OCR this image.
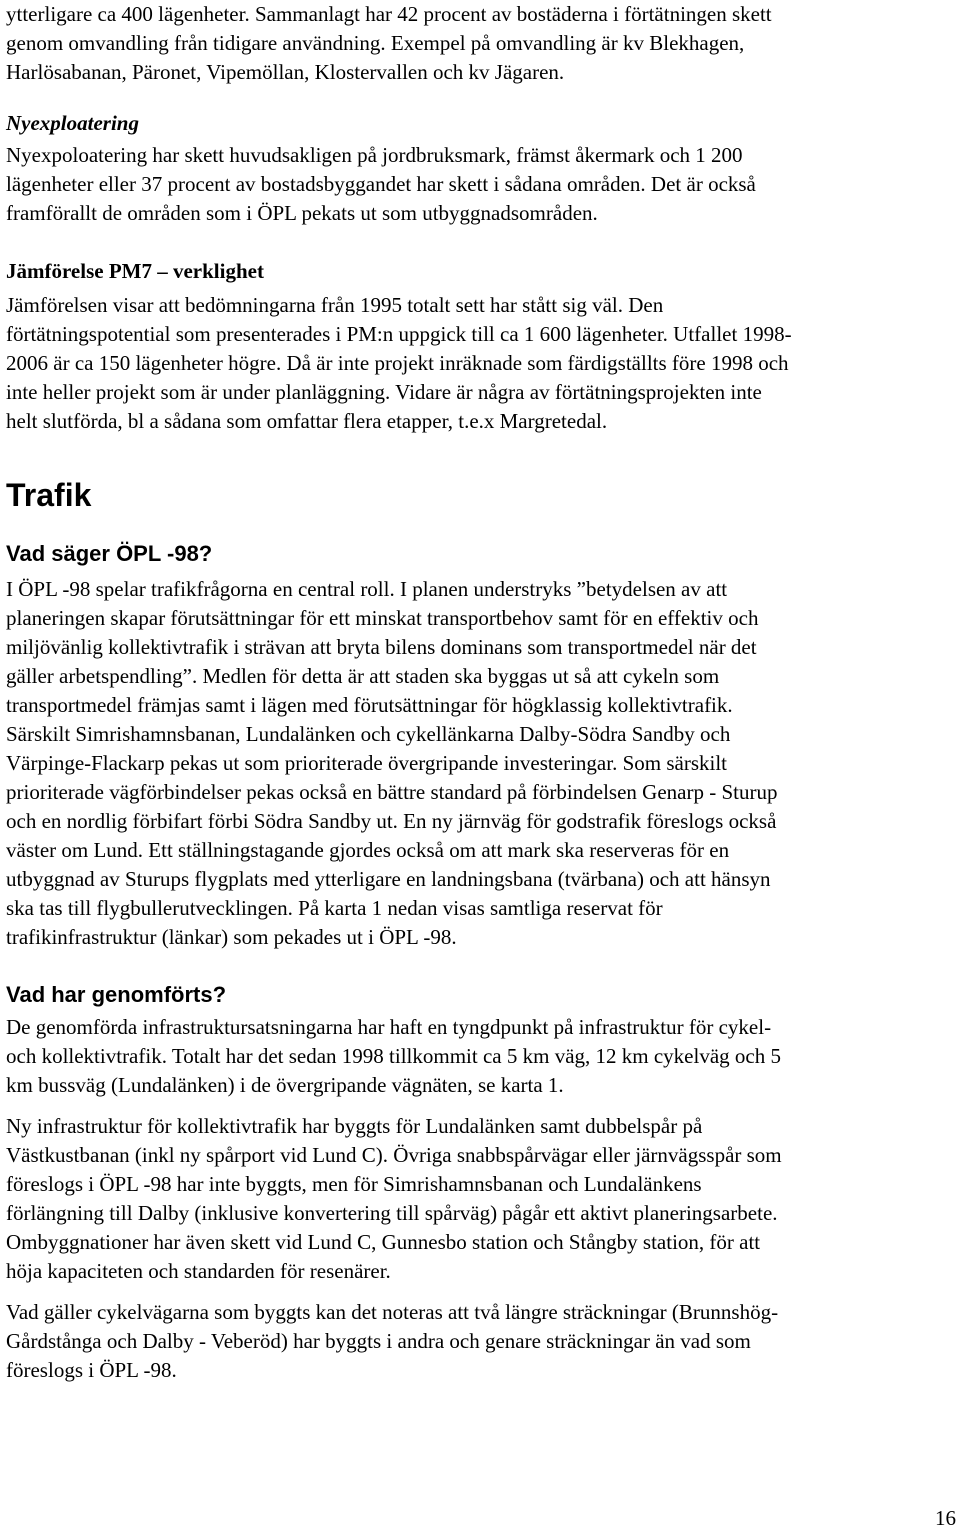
ytterligare ca 400 lägenheter. Sammanlagt har 42 procent av bostäderna i förtätningen skett
genom omvandling från tidigare användning. Exempel på omvandling är kv Blekhagen,
Harlösabanan, Päronet, Vipemöllan, Klostervallen och kv Jägaren.
Nyexploatering
Nyexpoloatering har skett huvudsakligen på jordbruksmark, främst åkermark och 1 200
lägenheter eller 37 procent av bostadsbyggandet har skett i sådana områden. Det är också
framförallt de områden som i ÖPL pekats ut som utbyggnadsområden.
Jämförelse PM7 – verklighet
Jämförelsen visar att bedömningarna från 1995 totalt sett har stått sig väl. Den
förtätningspotential som presenterades i PM:n uppgick till ca 1 600 lägenheter. Utfallet 1998-
2006 är ca 150 lägenheter högre. Då är inte projekt inräknade som färdigställts före 1998 och
inte heller projekt som är under planläggning. Vidare är några av förtätningsprojekten inte
helt slutförda, bl a sådana som omfattar flera etapper, t.e.x Margretedal.
Trafik
Vad säger ÖPL -98?
I ÖPL -98 spelar trafikfrågorna en central roll. I planen understryks ”betydelsen av att
planeringen skapar förutsättningar för ett minskat transportbehov samt för en effektiv och
miljövänlig kollektivtrafik i strävan att bryta bilens dominans som transportmedel när det
gäller arbetspendling”. Medlen för detta är att staden ska byggas ut så att cykeln som
transportmedel främjas samt i lägen med förutsättningar för högklassig kollektivtrafik.
Särskilt Simrishamnsbanan, Lundalänken och cykellänkarna Dalby-Södra Sandby och
Värpinge-Flackarp pekas ut som prioriterade övergripande investeringar. Som särskilt
prioriterade vägförbindelser pekas också en bättre standard på förbindelsen Genarp - Sturup
och en nordlig förbifart förbi Södra Sandby ut. En ny järnväg för godstrafik föreslogs också
väster om Lund. Ett ställningstagande gjordes också om att mark ska reserveras för en
utbyggnad av Sturups flygplats med ytterligare en landningsbana (tvärbana) och att hänsyn
ska tas till flygbullerutvecklingen. På karta 1 nedan visas samtliga reservat för
trafikinfrastruktur (länkar) som pekades ut i ÖPL -98.
Vad har genomförts?
De genomförda infrastruktursatsningarna har haft en tyngdpunkt på infrastruktur för cykel-
och kollektivtrafik. Totalt har det sedan 1998 tillkommit ca 5 km väg, 12 km cykelväg och 5
km bussväg (Lundalänken) i de övergripande vägnäten, se karta 1.
Ny infrastruktur för kollektivtrafik har byggts för Lundalänken samt dubbelspår på
Västkustbanan (inkl ny spårport vid Lund C). Övriga snabbspårvägar eller järnvägsspår som
föreslogs i ÖPL -98 har inte byggts, men för Simrishamnsbanan och Lundalänkens
förlängning till Dalby (inklusive konvertering till spårväg) pågår ett aktivt planeringsarbete.
Ombyggnationer har även skett vid Lund C, Gunnesbo station och Stångby station, för att
höja kapaciteten och standarden för resenärer.
Vad gäller cykelvägarna som byggts kan det noteras att två längre sträckningar (Brunnshög-
Gårdstånga och Dalby - Veberöd) har byggts i andra och genare sträckningar än vad som
föreslogs i ÖPL -98.
16
